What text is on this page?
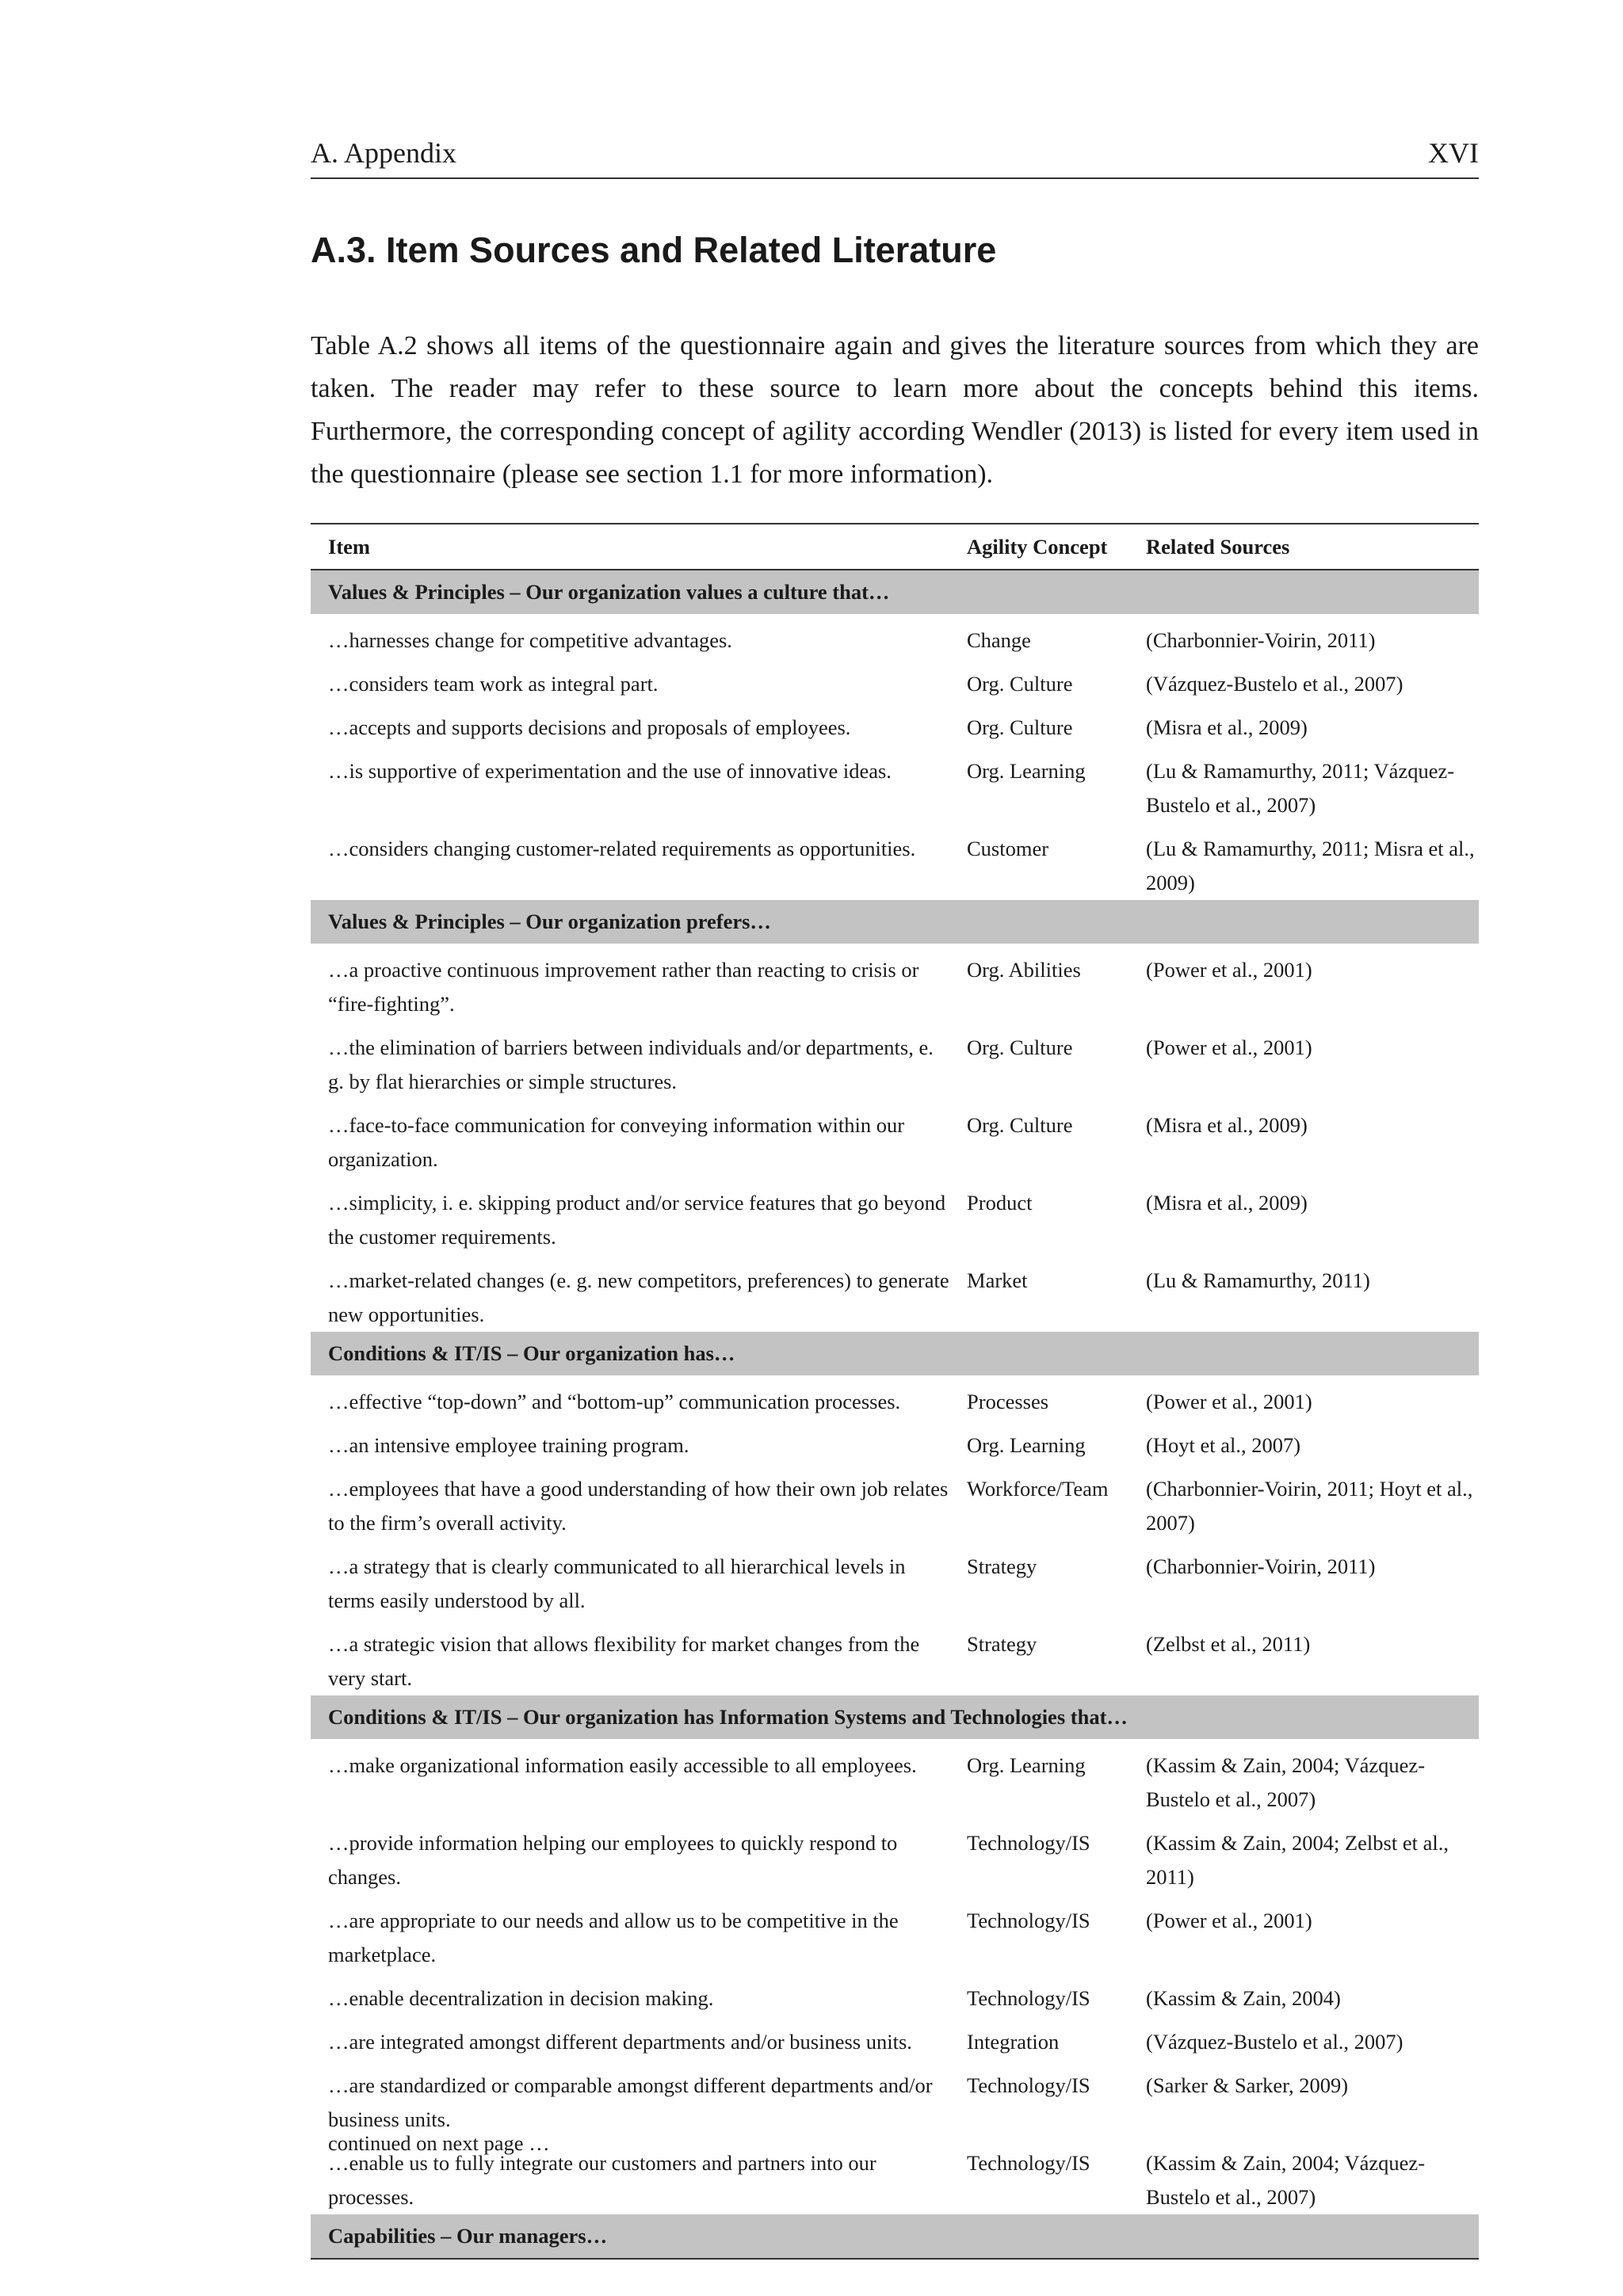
A. Appendix	XVI
A.3. Item Sources and Related Literature

Table A.2 shows all items of the questionnaire again and gives the literature sources from which they are taken. The reader may refer to these source to learn more about the concepts behind this items. Furthermore, the corresponding concept of agility according Wendler (2013) is listed for every item used in the questionnaire (please see section 1.1 for more information).

Item	Agility Concept	Related Sources
Values & Principles – Our organization values a culture that…		
…harnesses change for competitive advantages.	Change	(Charbonnier-Voirin, 2011)
…considers team work as integral part.	Org. Culture	(Vázquez-Bustelo et al., 2007)
…accepts and supports decisions and proposals of employees.	Org. Culture	(Misra et al., 2009)
…is supportive of experimentation and the use of innovative ideas.	Org. Learning	(Lu & Ramamurthy, 2011; Vázquez-Bustelo et al., 2007)
…considers changing customer-related requirements as opportunities.	Customer	(Lu & Ramamurthy, 2011; Misra et al., 2009)
Values & Principles – Our organization prefers…		
…a proactive continuous improvement rather than reacting to crisis or “fire-fighting”.	Org. Abilities	(Power et al., 2001)
…the elimination of barriers between individuals and/or departments, e. g. by flat hierarchies or simple structures.	Org. Culture	(Power et al., 2001)
…face-to-face communication for conveying information within our organization.	Org. Culture	(Misra et al., 2009)
…simplicity, i. e. skipping product and/or service features that go beyond the customer requirements.	Product	(Misra et al., 2009)
…market-related changes (e. g. new competitors, preferences) to generate new opportunities.	Market	(Lu & Ramamurthy, 2011)
Conditions & IT/IS – Our organization has…		
…effective “top-down” and “bottom-up” communication processes.	Processes	(Power et al., 2001)
…an intensive employee training program.	Org. Learning	(Hoyt et al., 2007)
…employees that have a good understanding of how their own job relates to the firm’s overall activity.	Workforce/Team	(Charbonnier-Voirin, 2011; Hoyt et al., 2007)
…a strategy that is clearly communicated to all hierarchical levels in terms easily understood by all.	Strategy	(Charbonnier-Voirin, 2011)
…a strategic vision that allows flexibility for market changes from the very start.	Strategy	(Zelbst et al., 2011)
Conditions & IT/IS – Our organization has Information Systems and Technologies that…		
…make organizational information easily accessible to all employees.	Org. Learning	(Kassim & Zain, 2004; Vázquez-Bustelo et al., 2007)
…provide information helping our employees to quickly respond to changes.	Technology/IS	(Kassim & Zain, 2004; Zelbst et al., 2011)
…are appropriate to our needs and allow us to be competitive in the marketplace.	Technology/IS	(Power et al., 2001)
…enable decentralization in decision making.	Technology/IS	(Kassim & Zain, 2004)
…are integrated amongst different departments and/or business units.	Integration	(Vázquez-Bustelo et al., 2007)
…are standardized or comparable amongst different departments and/or business units.	Technology/IS	(Sarker & Sarker, 2009)
…enable us to fully integrate our customers and partners into our processes.	Technology/IS	(Kassim & Zain, 2004; Vázquez-Bustelo et al., 2007)
Capabilities – Our managers…		
continued on next page …
